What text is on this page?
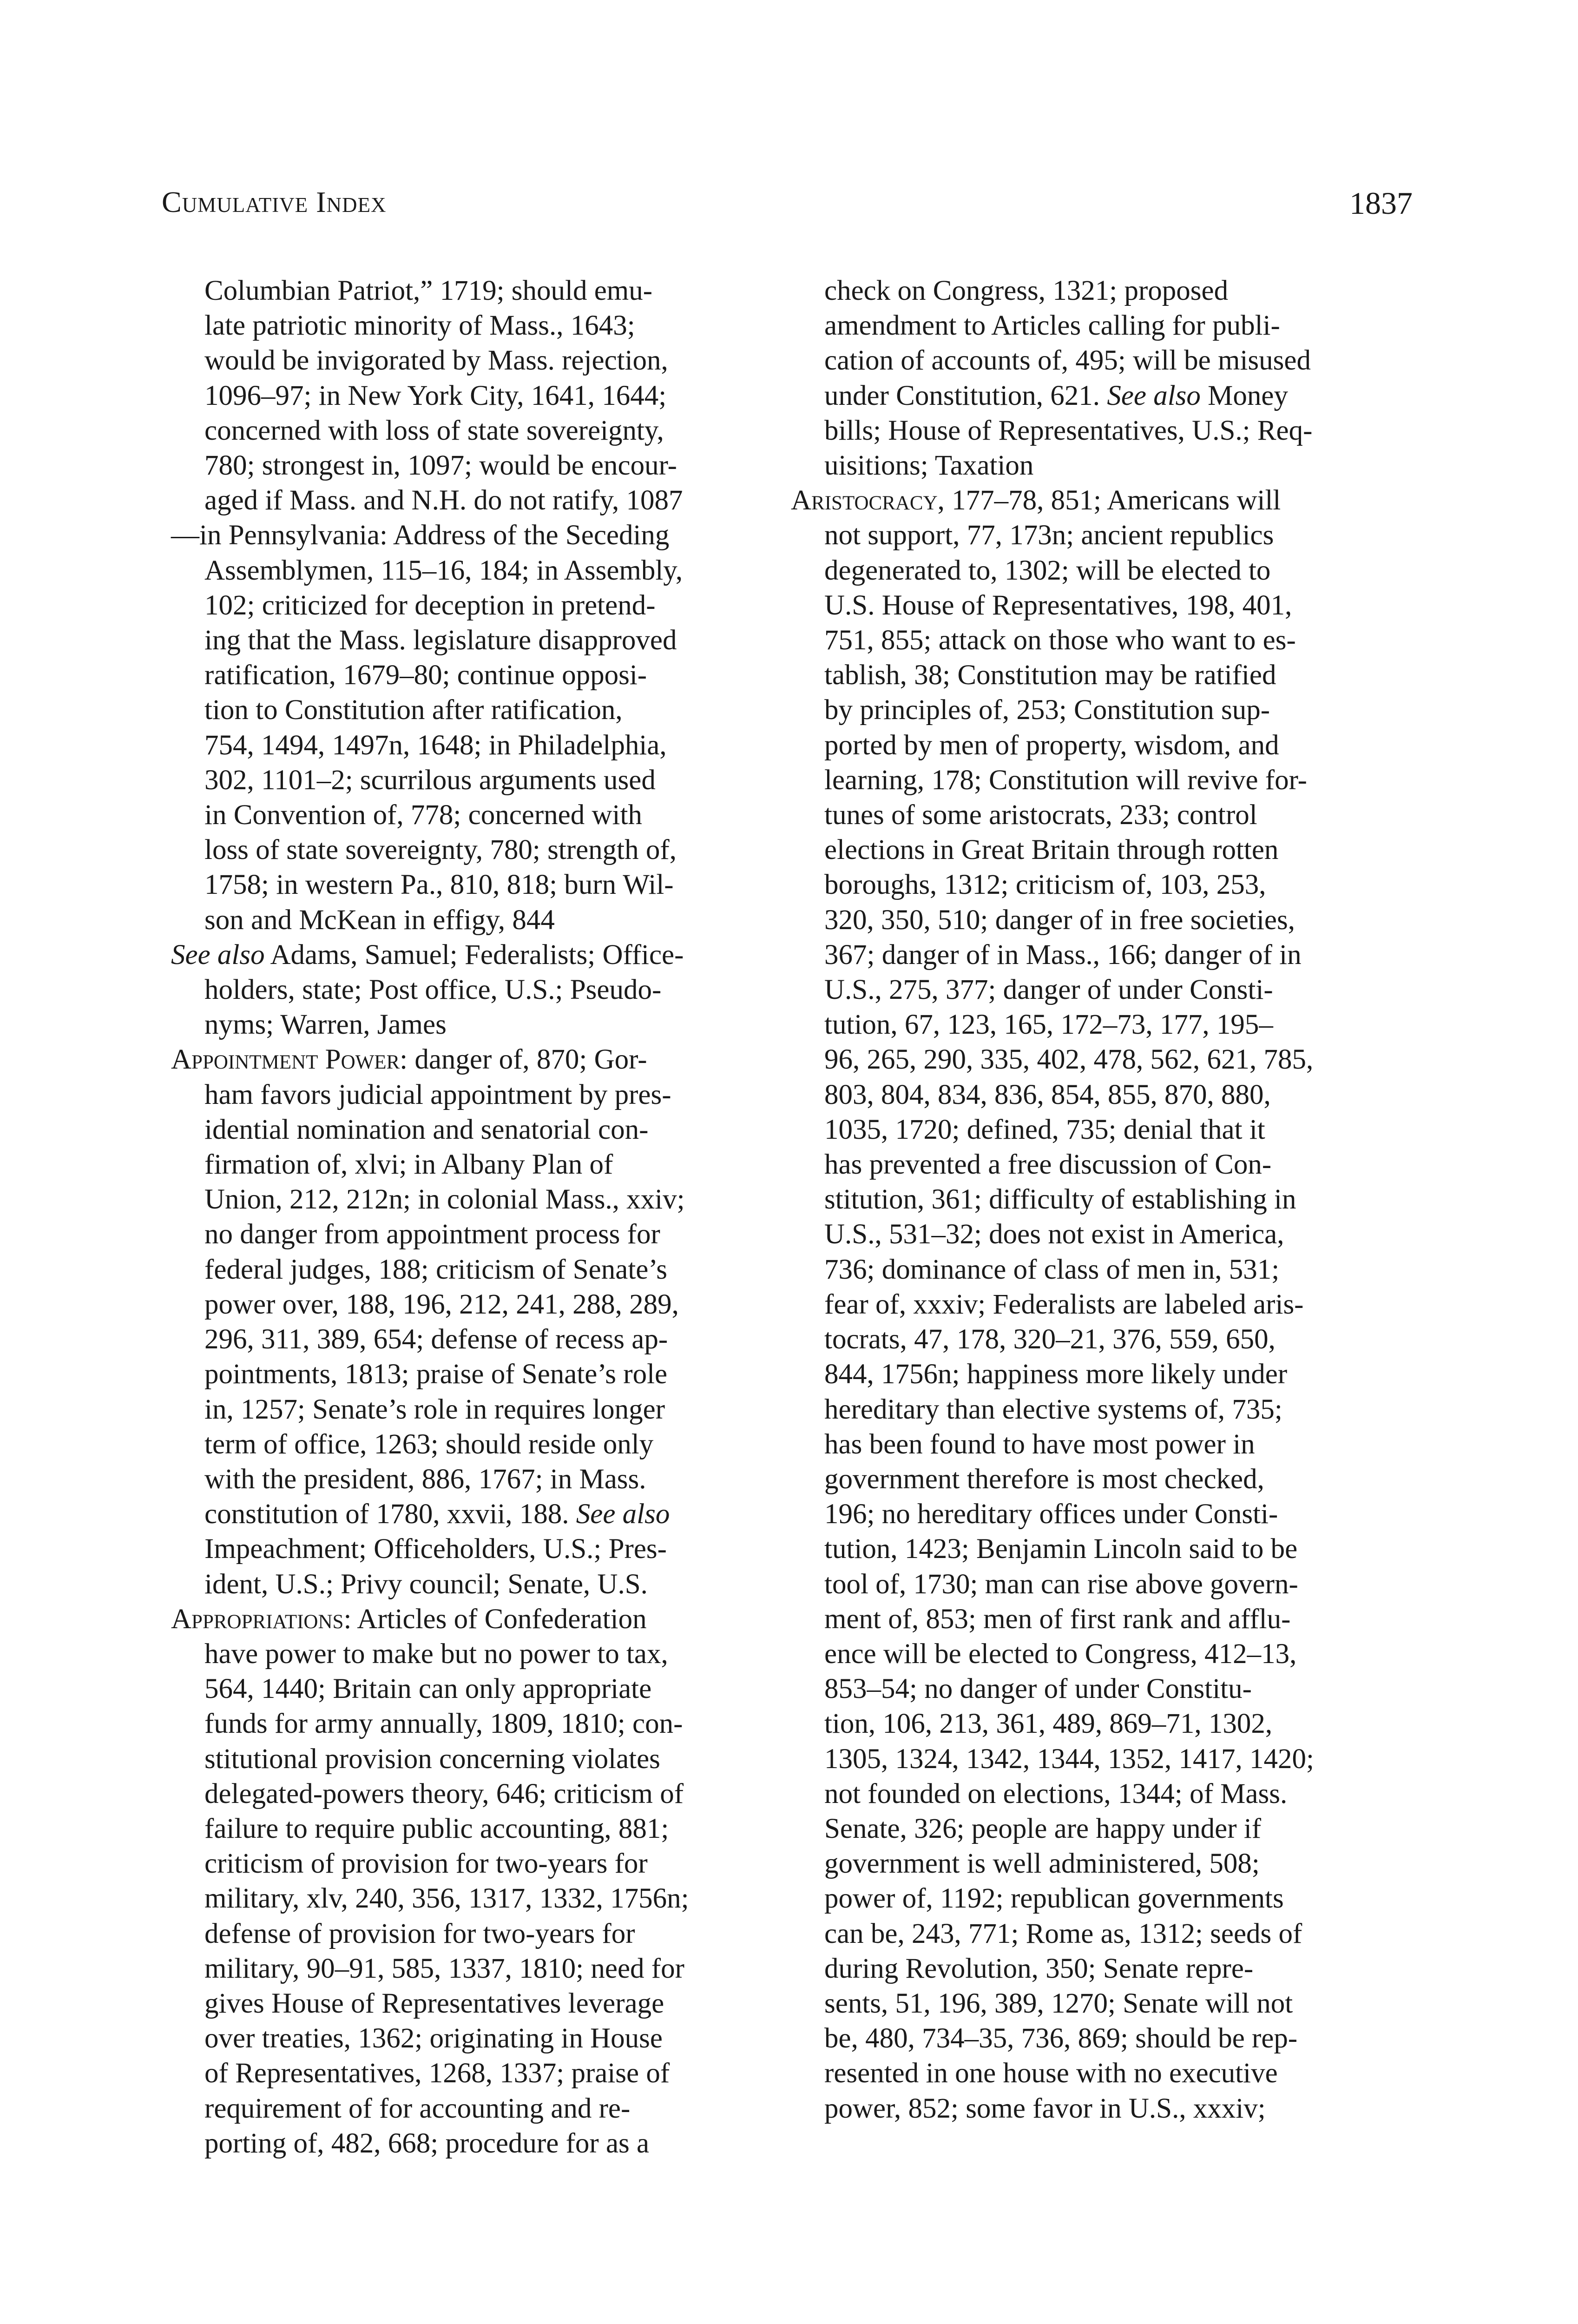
Cumulative Index	1837
Columbian Patriot,” 1719; should emu-
late patriotic minority of Mass., 1643;
would be invigorated by Mass. rejection,
1096–97; in New York City, 1641, 1644;
concerned with loss of state sovereignty,
780; strongest in, 1097; would be encour-
aged if Mass. and N.H. do not ratify, 1087
—in Pennsylvania: Address of the Seceding
Assemblymen, 115–16, 184; in Assembly,
102; criticized for deception in pretend-
ing that the Mass. legislature disapproved
ratification, 1679–80; continue opposi-
tion to Constitution after ratification,
754, 1494, 1497n, 1648; in Philadelphia,
302, 1101–2; scurrilous arguments used
in Convention of, 778; concerned with
loss of state sovereignty, 780; strength of,
1758; in western Pa., 810, 818; burn Wil-
son and McKean in effigy, 844
See also Adams, Samuel; Federalists; Office-
holders, state; Post office, U.S.; Pseudo-
nyms; Warren, James
Appointment Power: danger of, 870; Gor-
ham favors judicial appointment by pres-
idential nomination and senatorial con-
firmation of, xlvi; in Albany Plan of
Union, 212, 212n; in colonial Mass., xxiv;
no danger from appointment process for
federal judges, 188; criticism of Senate’s
power over, 188, 196, 212, 241, 288, 289,
296, 311, 389, 654; defense of recess ap-
pointments, 1813; praise of Senate’s role
in, 1257; Senate’s role in requires longer
term of office, 1263; should reside only
with the president, 886, 1767; in Mass.
constitution of 1780, xxvii, 188. See also
Impeachment; Officeholders, U.S.; Pres-
ident, U.S.; Privy council; Senate, U.S.
Appropriations: Articles of Confederation
have power to make but no power to tax,
564, 1440; Britain can only appropriate
funds for army annually, 1809, 1810; con-
stitutional provision concerning violates
delegated-powers theory, 646; criticism of
failure to require public accounting, 881;
criticism of provision for two-years for
military, xlv, 240, 356, 1317, 1332, 1756n;
defense of provision for two-years for
military, 90–91, 585, 1337, 1810; need for
gives House of Representatives leverage
over treaties, 1362; originating in House
of Representatives, 1268, 1337; praise of
requirement of for accounting and re-
porting of, 482, 668; procedure for as a
check on Congress, 1321; proposed
amendment to Articles calling for publi-
cation of accounts of, 495; will be misused
under Constitution, 621. See also Money
bills; House of Representatives, U.S.; Req-
uisitions; Taxation
Aristocracy, 177–78, 851; Americans will
not support, 77, 173n; ancient republics
degenerated to, 1302; will be elected to
U.S. House of Representatives, 198, 401,
751, 855; attack on those who want to es-
tablish, 38; Constitution may be ratified
by principles of, 253; Constitution sup-
ported by men of property, wisdom, and
learning, 178; Constitution will revive for-
tunes of some aristocrats, 233; control
elections in Great Britain through rotten
boroughs, 1312; criticism of, 103, 253,
320, 350, 510; danger of in free societies,
367; danger of in Mass., 166; danger of in
U.S., 275, 377; danger of under Consti-
tution, 67, 123, 165, 172–73, 177, 195–
96, 265, 290, 335, 402, 478, 562, 621, 785,
803, 804, 834, 836, 854, 855, 870, 880,
1035, 1720; defined, 735; denial that it
has prevented a free discussion of Con-
stitution, 361; difficulty of establishing in
U.S., 531–32; does not exist in America,
736; dominance of class of men in, 531;
fear of, xxxiv; Federalists are labeled aris-
tocrats, 47, 178, 320–21, 376, 559, 650,
844, 1756n; happiness more likely under
hereditary than elective systems of, 735;
has been found to have most power in
government therefore is most checked,
196; no hereditary offices under Consti-
tution, 1423; Benjamin Lincoln said to be
tool of, 1730; man can rise above govern-
ment of, 853; men of first rank and afflu-
ence will be elected to Congress, 412–13,
853–54; no danger of under Constitu-
tion, 106, 213, 361, 489, 869–71, 1302,
1305, 1324, 1342, 1344, 1352, 1417, 1420;
not founded on elections, 1344; of Mass.
Senate, 326; people are happy under if
government is well administered, 508;
power of, 1192; republican governments
can be, 243, 771; Rome as, 1312; seeds of
during Revolution, 350; Senate repre-
sents, 51, 196, 389, 1270; Senate will not
be, 480, 734–35, 736, 869; should be rep-
resented in one house with no executive
power, 852; some favor in U.S., xxxiv;
